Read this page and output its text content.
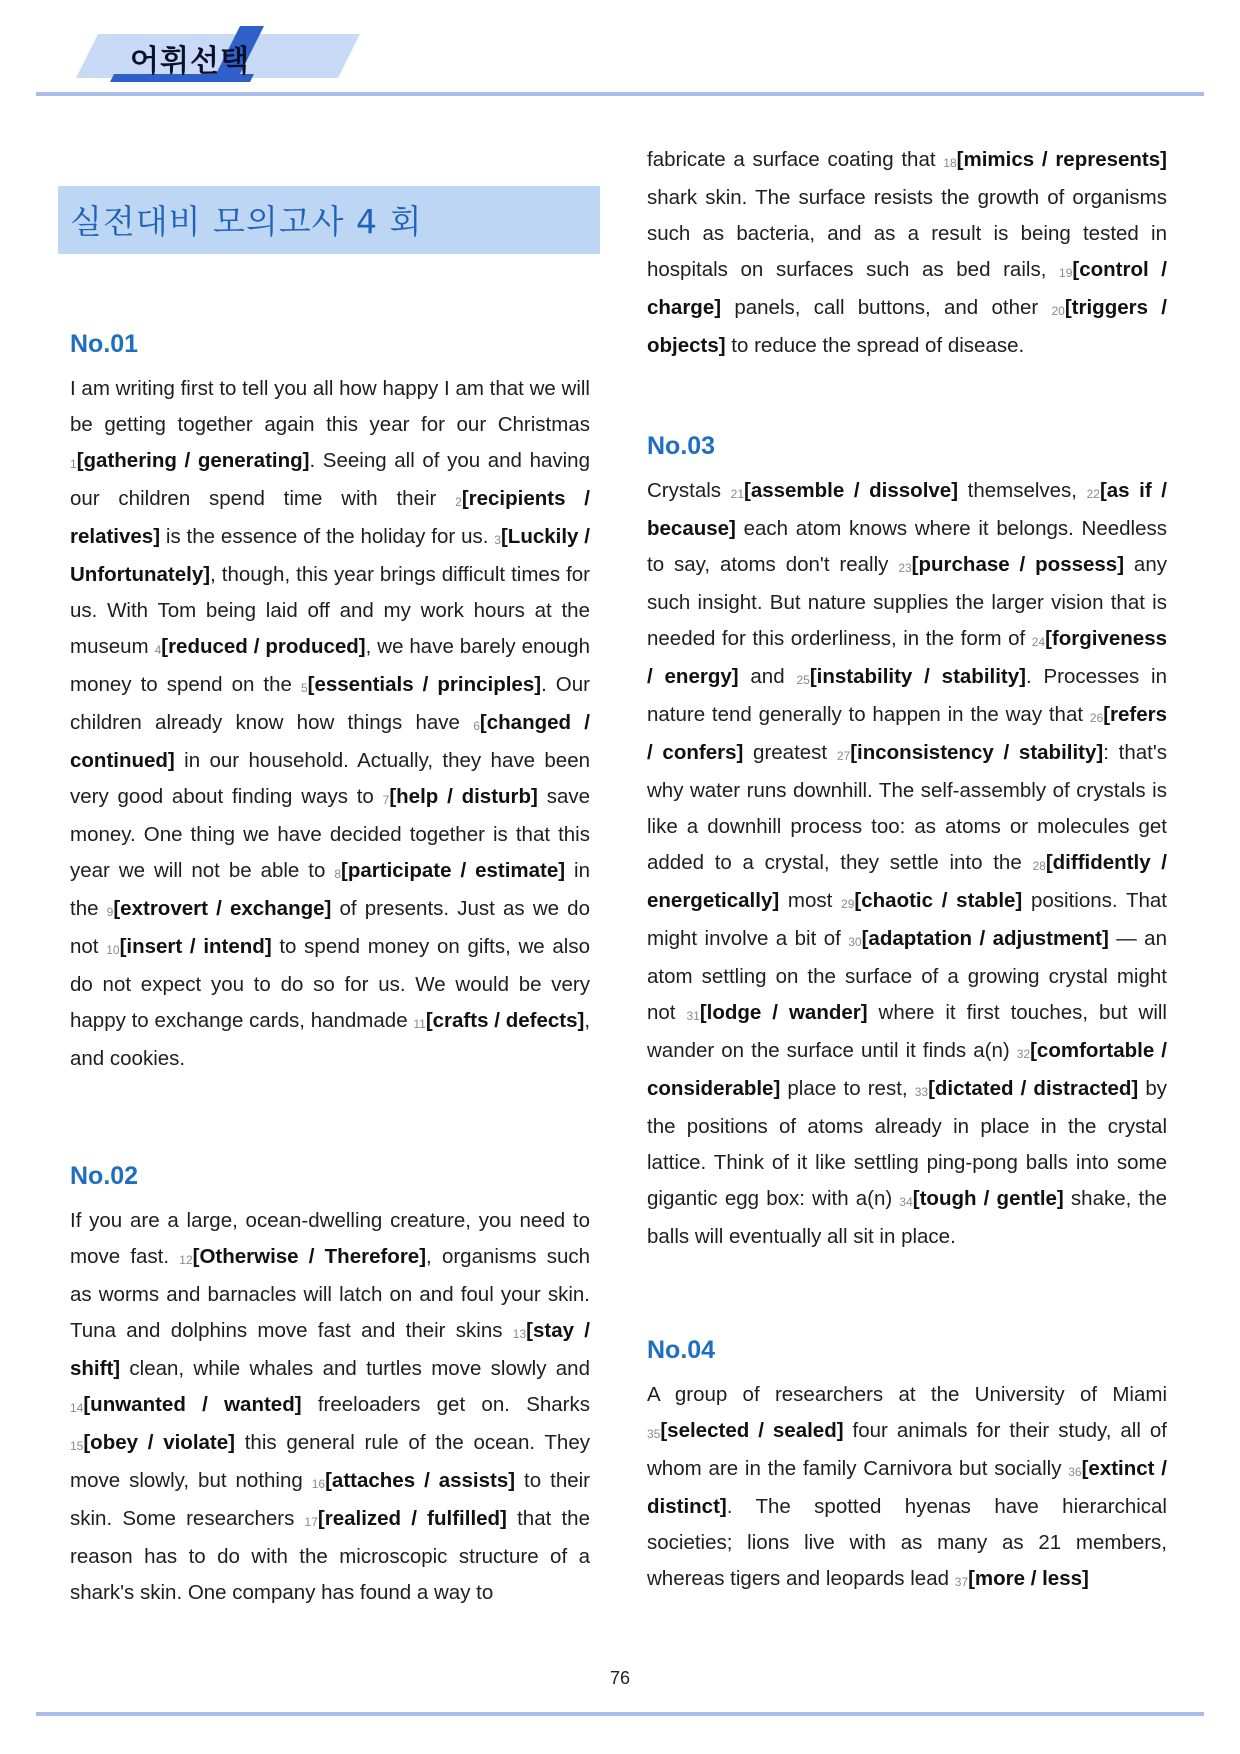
어휘선택
실전대비 모의고사 4 회
No.01
I am writing first to tell you all how happy I am that we will be getting together again this year for our Christmas $_1$[gathering / generating]. Seeing all of you and having our children spend time with their $_2$[recipients / relatives] is the essence of the holiday for us. $_3$[Luckily / Unfortunately], though, this year brings difficult times for us. With Tom being laid off and my work hours at the museum $_4$[reduced / produced], we have barely enough money to spend on the $_5$[essentials / principles]. Our children already know how things have $_6$[changed / continued] in our household. Actually, they have been very good about finding ways to $_7$[help / disturb] save money. One thing we have decided together is that this year we will not be able to $_8$[participate / estimate] in the $_9$[extrovert / exchange] of presents. Just as we do not $_{10}$[insert / intend] to spend money on gifts, we also do not expect you to do so for us. We would be very happy to exchange cards, handmade $_{11}$[crafts / defects], and cookies.
No.02
If you are a large, ocean-dwelling creature, you need to move fast. $_{12}$[Otherwise / Therefore], organisms such as worms and barnacles will latch on and foul your skin. Tuna and dolphins move fast and their skins $_{13}$[stay / shift] clean, while whales and turtles move slowly and $_{14}$[unwanted / wanted] freeloaders get on. Sharks $_{15}$[obey / violate] this general rule of the ocean. They move slowly, but nothing $_{16}$[attaches / assists] to their skin. Some researchers $_{17}$[realized / fulfilled] that the reason has to do with the microscopic structure of a shark's skin. One company has found a way to
fabricate a surface coating that $_{18}$[mimics / represents] shark skin. The surface resists the growth of organisms such as bacteria, and as a result is being tested in hospitals on surfaces such as bed rails, $_{19}$[control / charge] panels, call buttons, and other $_{20}$[triggers / objects] to reduce the spread of disease.
No.03
Crystals $_{21}$[assemble / dissolve] themselves, $_{22}$[as if / because] each atom knows where it belongs. Needless to say, atoms don't really $_{23}$[purchase / possess] any such insight. But nature supplies the larger vision that is needed for this orderliness, in the form of $_{24}$[forgiveness / energy] and $_{25}$[instability / stability]. Processes in nature tend generally to happen in the way that $_{26}$[refers / confers] greatest $_{27}$[inconsistency / stability]: that's why water runs downhill. The self-assembly of crystals is like a downhill process too: as atoms or molecules get added to a crystal, they settle into the $_{28}$[diffidently / energetically] most $_{29}$[chaotic / stable] positions. That might involve a bit of $_{30}$[adaptation / adjustment] — an atom settling on the surface of a growing crystal might not $_{31}$[lodge / wander] where it first touches, but will wander on the surface until it finds a(n) $_{32}$[comfortable / considerable] place to rest, $_{33}$[dictated / distracted] by the positions of atoms already in place in the crystal lattice. Think of it like settling ping-pong balls into some gigantic egg box: with a(n) $_{34}$[tough / gentle] shake, the balls will eventually all sit in place.
No.04
A group of researchers at the University of Miami $_{35}$[selected / sealed] four animals for their study, all of whom are in the family Carnivora but socially $_{36}$[extinct / distinct]. The spotted hyenas have hierarchical societies; lions live with as many as 21 members, whereas tigers and leopards lead $_{37}$[more / less]
76
